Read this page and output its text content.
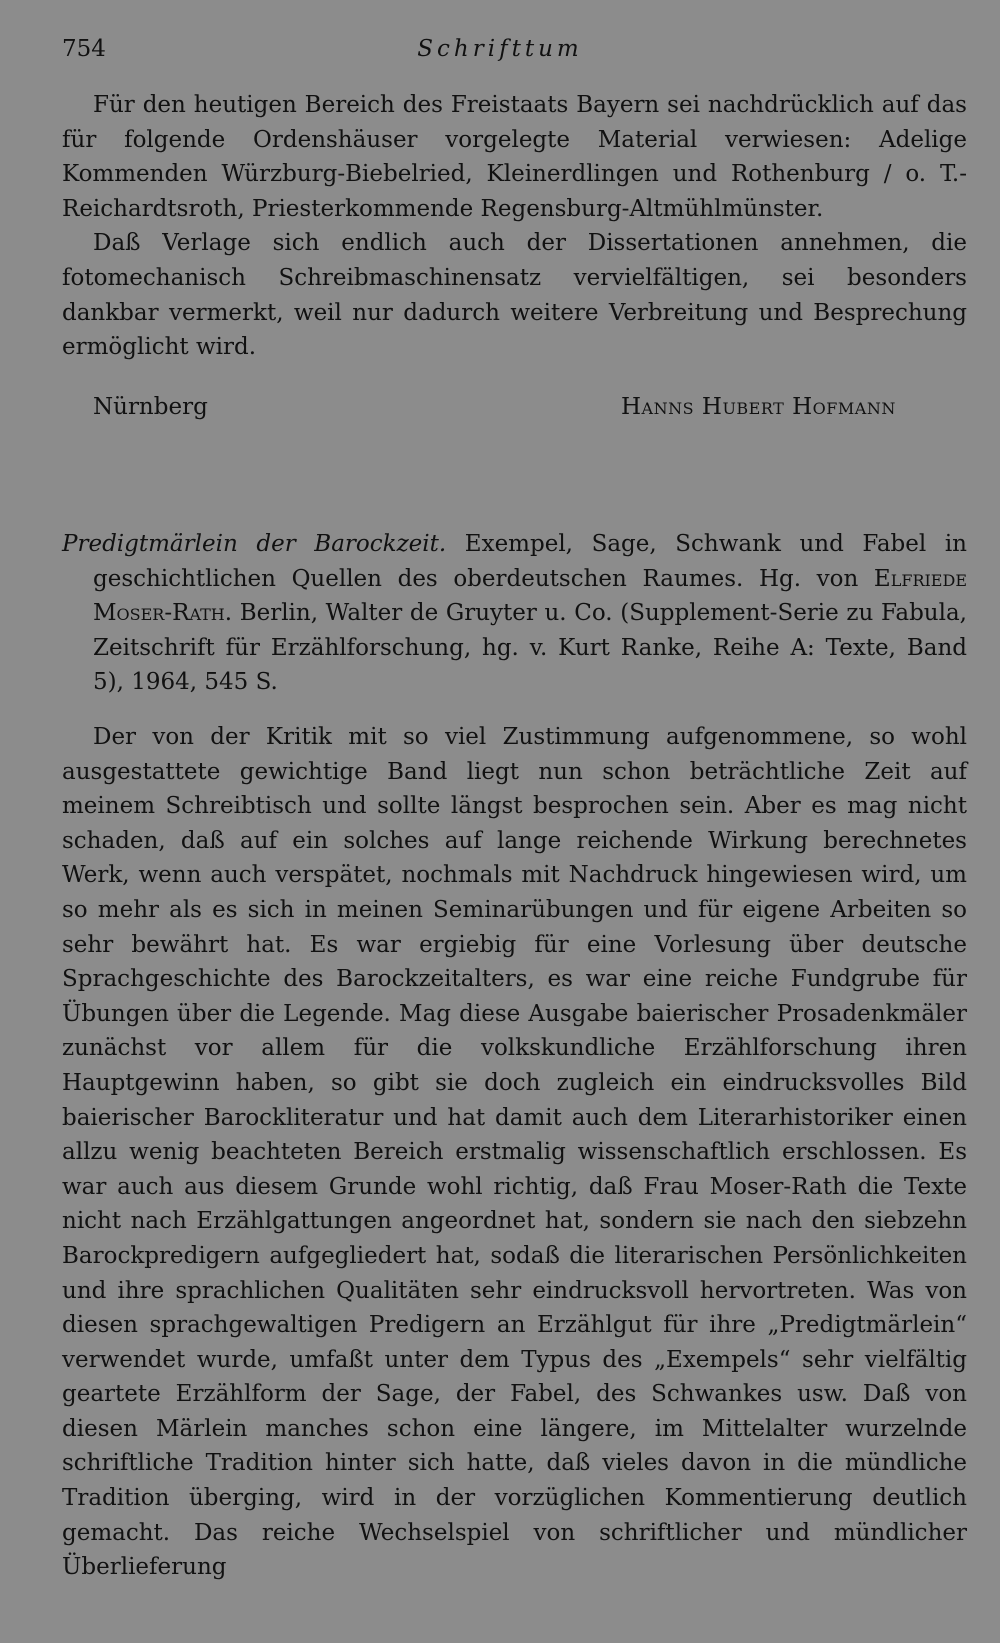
754	Schrifttum

Für den heutigen Bereich des Freistaats Bayern sei nachdrücklich auf das für folgende Ordenshäuser vorgelegte Material verwiesen: Adelige Kommenden Würzburg-Biebelried, Kleinerdlingen und Rothenburg / o. T.-Reichardtsroth, Priesterkommende Regensburg-Altmühlmünster.

Daß Verlage sich endlich auch der Dissertationen annehmen, die fotomechanisch Schreibmaschinensatz vervielfältigen, sei besonders dankbar vermerkt, weil nur dadurch weitere Verbreitung und Besprechung ermöglicht wird.

Nürnberg	Hanns Hubert Hofmann
Predigtmärlein der Barockzeit. Exempel, Sage, Schwank und Fabel in geschichtlichen Quellen des oberdeutschen Raumes. Hg. von Elfriede Moser-Rath. Berlin, Walter de Gruyter u. Co. (Supplement-Serie zu Fabula, Zeitschrift für Erzählforschung, hg. v. Kurt Ranke, Reihe A: Texte, Band 5), 1964, 545 S.

Der von der Kritik mit so viel Zustimmung aufgenommene, so wohl ausgestattete gewichtige Band liegt nun schon beträchtliche Zeit auf meinem Schreibtisch und sollte längst besprochen sein. Aber es mag nicht schaden, daß auf ein solches auf lange reichende Wirkung berechnetes Werk, wenn auch verspätet, nochmals mit Nachdruck hingewiesen wird, um so mehr als es sich in meinen Seminarübungen und für eigene Arbeiten so sehr bewährt hat. Es war ergiebig für eine Vorlesung über deutsche Sprachgeschichte des Barockzeitalters, es war eine reiche Fundgrube für Übungen über die Legende. Mag diese Ausgabe baierischer Prosadenkmäler zunächst vor allem für die volkskundliche Erzählforschung ihren Hauptgewinn haben, so gibt sie doch zugleich ein eindrucksvolles Bild baierischer Barockliteratur und hat damit auch dem Literarhistoriker einen allzu wenig beachteten Bereich erstmalig wissenschaftlich erschlossen. Es war auch aus diesem Grunde wohl richtig, daß Frau Moser-Rath die Texte nicht nach Erzählgattungen angeordnet hat, sondern sie nach den siebzehn Barockpredigern aufgegliedert hat, sodaß die literarischen Persönlichkeiten und ihre sprachlichen Qualitäten sehr eindrucksvoll hervortreten. Was von diesen sprachgewaltigen Predigern an Erzählgut für ihre „Predigtmärlein“ verwendet wurde, umfaßt unter dem Typus des „Exempels“ sehr vielfältig geartete Erzählform der Sage, der Fabel, des Schwankes usw. Daß von diesen Märlein manches schon eine längere, im Mittelalter wurzelnde schriftliche Tradition hinter sich hatte, daß vieles davon in die mündliche Tradition überging, wird in der vorzüglichen Kommentierung deutlich gemacht. Das reiche Wechselspiel von schriftlicher und mündlicher Überlieferung
